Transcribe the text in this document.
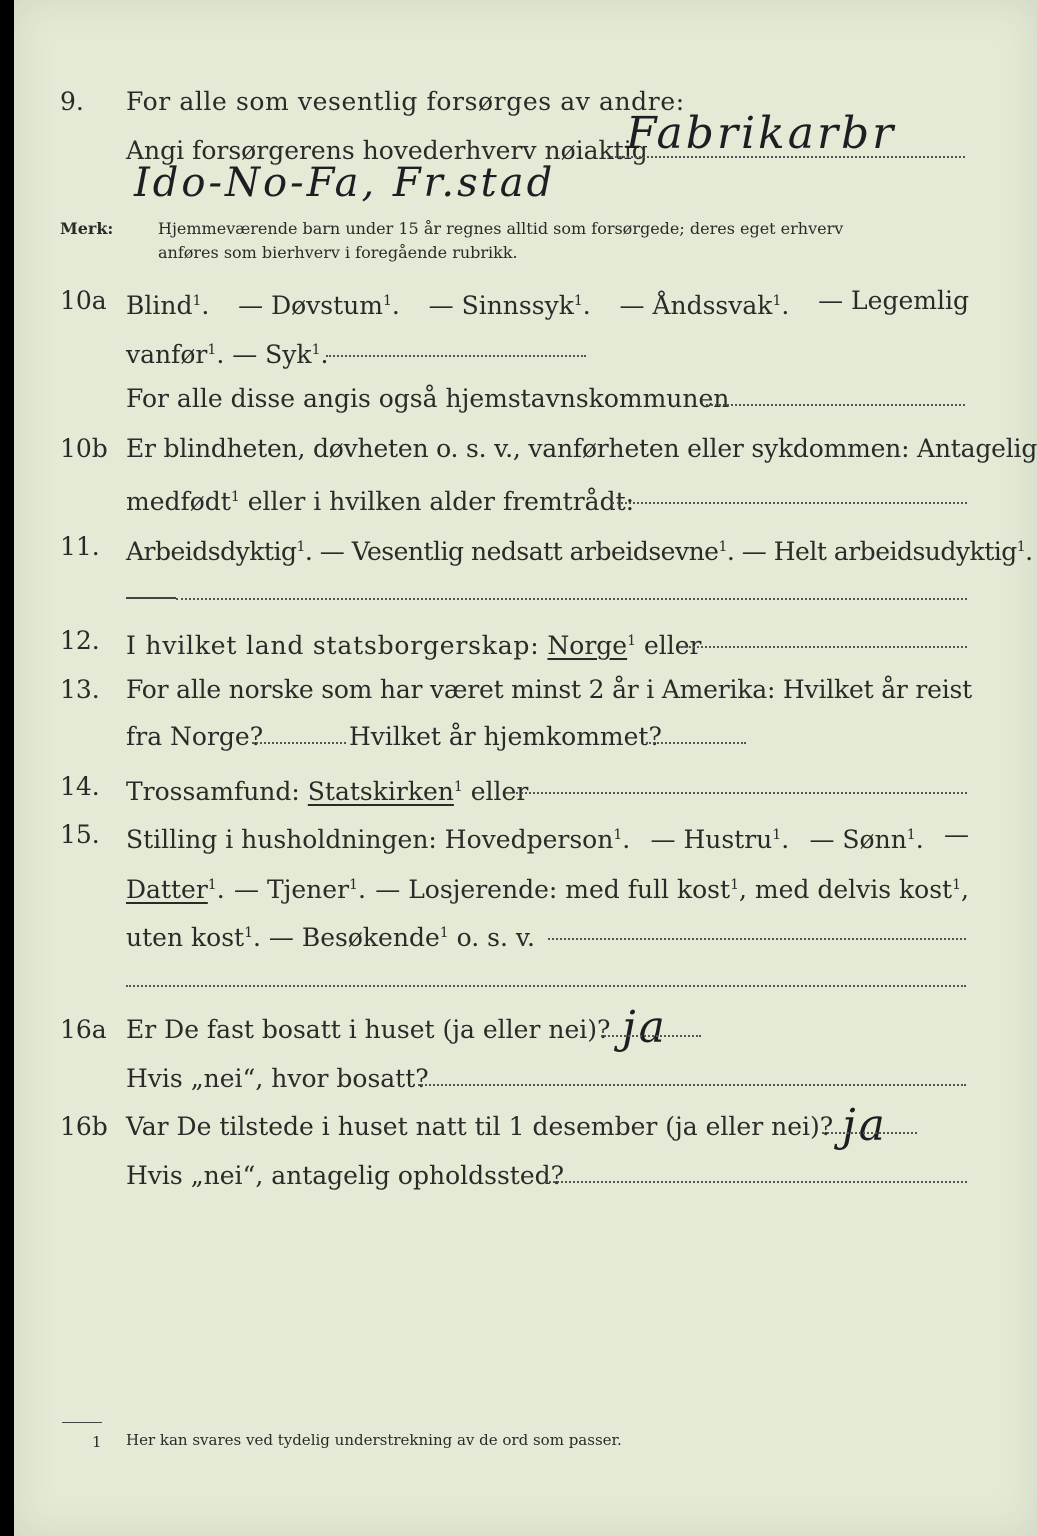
9. For alle som vesentlig forsørges av andre:
Angi forsørgerens hovederhverv nøiaktig
Fabrikarbr
Ido-No-Fa, Fr.stad
Merk:	Hjemmeværende barn under 15 år regnes alltid som forsørgede; deres eget erhverv
anføres som bierhverv i foregående rubrikk.
10a Blind$^1$. — Døvstum$^1$. — Sinnssyk$^1$. — Åndssvak$^1$. — Legemlig
vanfør$^1$. — Syk$^1$.
For alle disse angis også hjemstavnskommunen
10b Er blindheten, døvheten o. s. v., vanførheten eller sykdommen: Antagelig
medfødt$^1$ eller i hvilken alder fremtrådt:
11. Arbeidsdyktig$^1$. — Vesentlig nedsatt arbeidsevne$^1$. — Helt arbeidsudyktig$^1$.
12. I hvilket land statsborgerskap: Norge$^1$ eller
13. For alle norske som har været minst 2 år i Amerika: Hvilket år reist
fra Norge?	Hvilket år hjemkommet?
14. Trossamfund: Statskirken$^1$ eller
15. Stilling i husholdningen: Hovedperson$^1$. — Hustru$^1$. — Sønn$^1$. —
Datter$^1$. — Tjener$^1$. — Losjerende: med full kost$^1$, med delvis kost$^1$,
uten kost$^1$. — Besøkende$^1$ o. s. v.
16a Er De fast bosatt i huset (ja eller nei)? ja
Hvis „nei“, hvor bosatt?
16b Var De tilstede i huset natt til 1 desember (ja eller nei)? ja
Hvis „nei“, antagelig opholdssted?
1 Her kan svares ved tydelig understrekning av de ord som passer.
